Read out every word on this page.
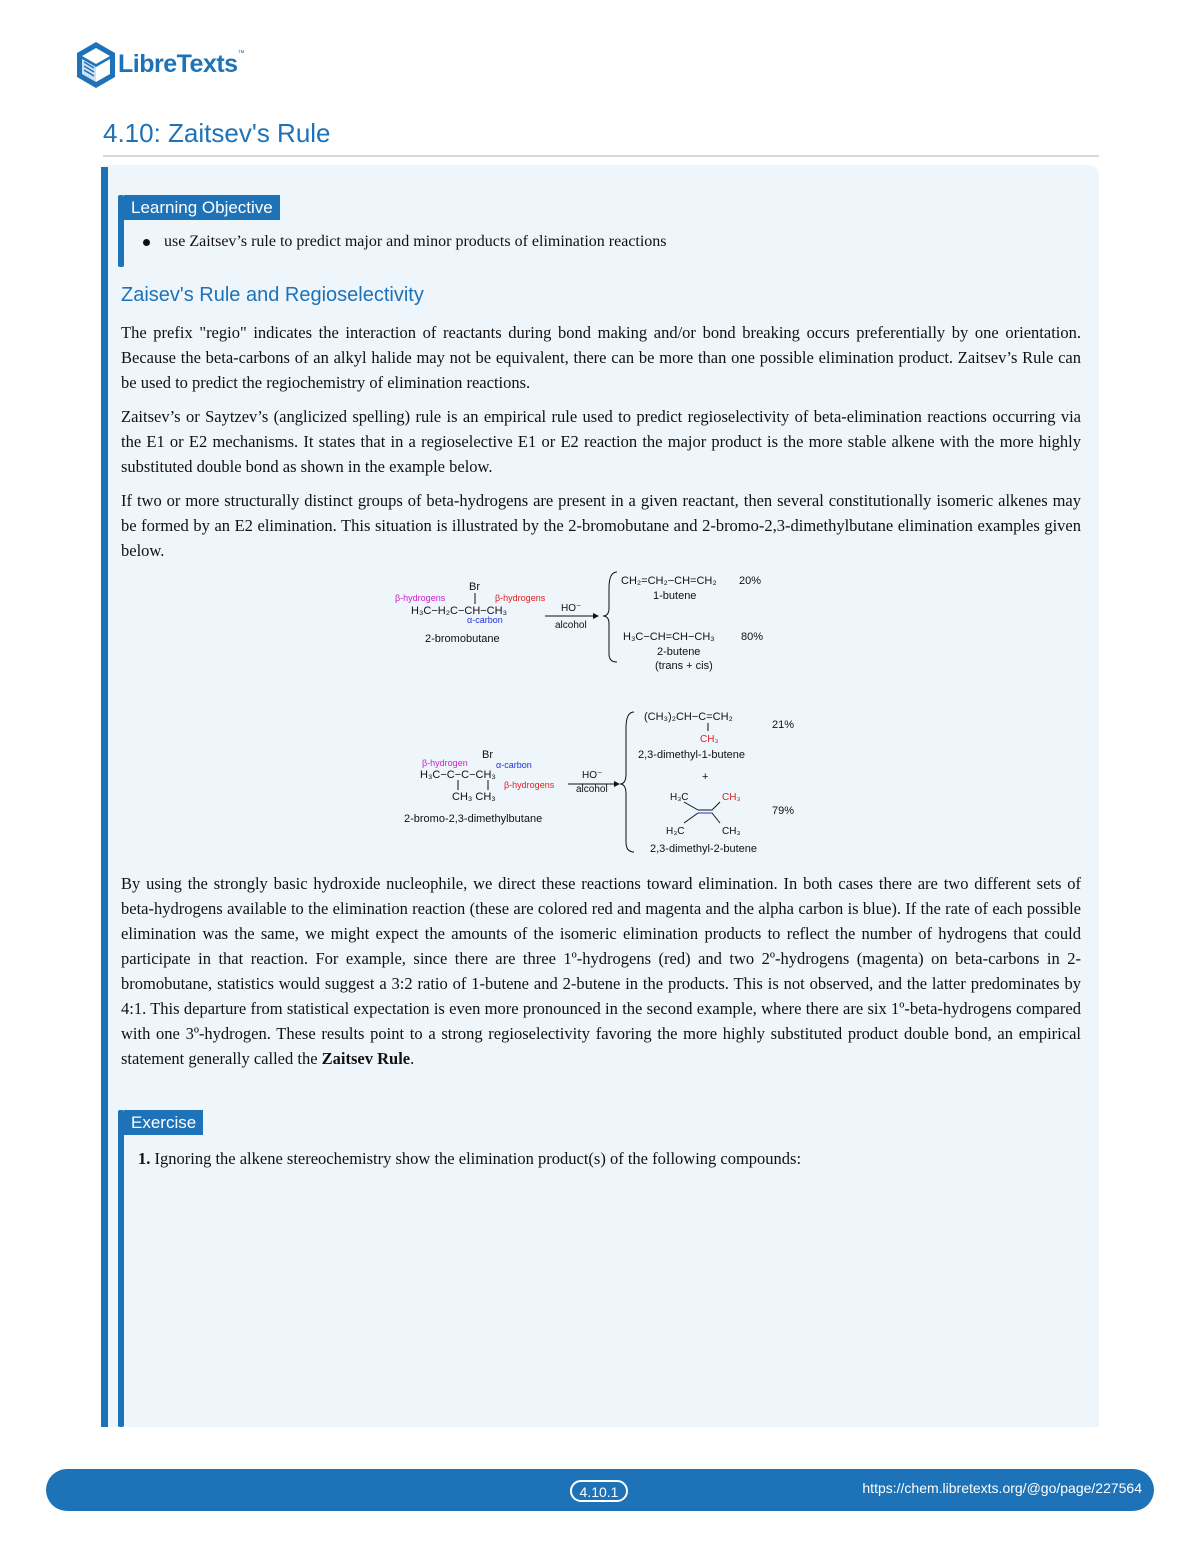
LibreTexts™
4.10: Zaitsev's Rule
Learning Objective
use Zaitsev’s rule to predict major and minor products of elimination reactions
Zaisev's Rule and Regioselectivity

The prefix "regio" indicates the interaction of reactants during bond making and/or bond breaking occurs preferentially by one orientation. Because the beta-carbons of an alkyl halide may not be equivalent, there can be more than one possible elimination product. Zaitsev’s Rule can be used to predict the regiochemistry of elimination reactions.

Zaitsev’s or Saytzev’s (anglicized spelling) rule is an empirical rule used to predict regioselectivity of beta-elimination reactions occurring via the E1 or E2 mechanisms. It states that in a regioselective E1 or E2 reaction the major product is the more stable alkene with the more highly substituted double bond as shown in the example below.

If two or more structurally distinct groups of beta-hydrogens are present in a given reactant, then several constitutionally isomeric alkenes may be formed by an E2 elimination. This situation is illustrated by the 2-bromobutane and 2-bromo-2,3-dimethylbutane elimination examples given below.

Br
β-hydrogens	β-hydrogens
H₃C−H₂C−CH−CH₃
α-carbon
2-bromobutane
HO⁻
alcohol
CH₂=CH₂−CH=CH₂ 20%
1-butene
H₃C−CH=CH−CH₃ 80%
2-butene
(trans + cis)
Br
β-hydrogen	α-carbon
H₃C−C−C−CH₃
β-hydrogens
CH₃ CH₃
2-bromo-2,3-dimethylbutane
HO⁻
alcohol
(CH₃)₂CH−C=CH₂
CH₃
21%
2,3-dimethyl-1-butene
+
H₃C	CH₃
H₃C	CH₃
79%
2,3-dimethyl-2-butene

By using the strongly basic hydroxide nucleophile, we direct these reactions toward elimination. In both cases there are two different sets of beta-hydrogens available to the elimination reaction (these are colored red and magenta and the alpha carbon is blue). If the rate of each possible elimination was the same, we might expect the amounts of the isomeric elimination products to reflect the number of hydrogens that could participate in that reaction. For example, since there are three 1º-hydrogens (red) and two 2º-hydrogens (magenta) on beta-carbons in 2-bromobutane, statistics would suggest a 3:2 ratio of 1-butene and 2-butene in the products. This is not observed, and the latter predominates by 4:1. This departure from statistical expectation is even more pronounced in the second example, where there are six 1º-beta-hydrogens compared with one 3º-hydrogen. These results point to a strong regioselectivity favoring the more highly substituted product double bond, an empirical statement generally called the Zaitsev Rule.

Exercise

1. Ignoring the alkene stereochemistry show the elimination product(s) of the following compounds:

4.10.1	https://chem.libretexts.org/@go/page/227564
